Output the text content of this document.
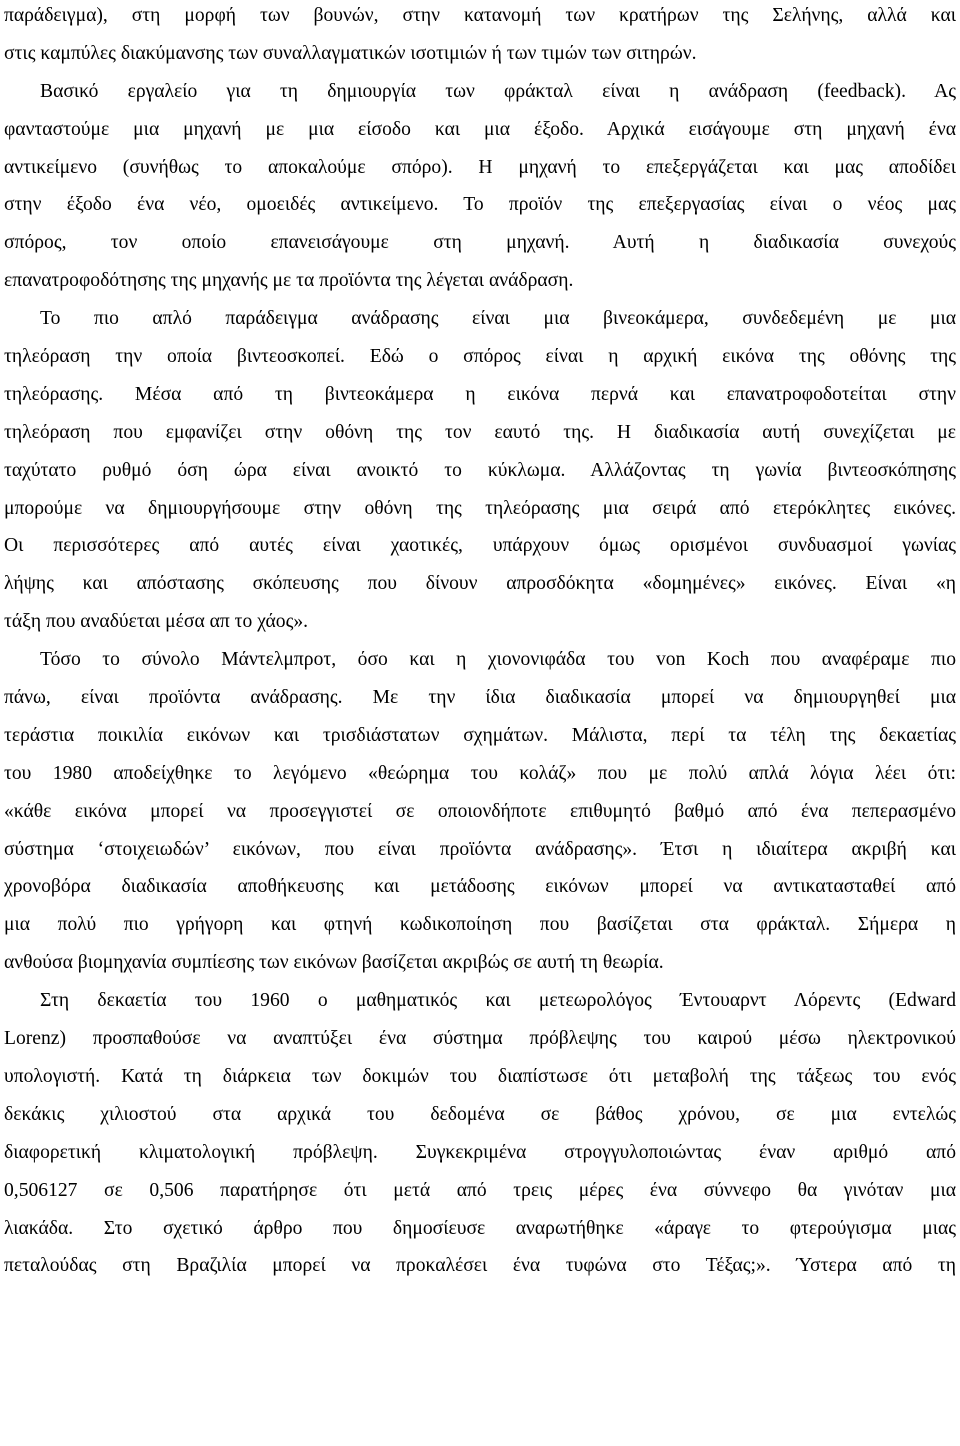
παράδειγμα), στη μορφή των βουνών, στην κατανομή των κρατήρων της Σελήνης, αλλά και
στις καμπύλες διακύμανσης των συναλλαγματικών ισοτιμιών ή των τιμών των σιτηρών.

Βασικό εργαλείο για τη δημιουργία των φράκταλ είναι η ανάδραση (feedback). Ας
φανταστούμε μια μηχανή με μια είσοδο και μια έξοδο. Αρχικά εισάγουμε στη μηχανή ένα
αντικείμενο (συνήθως το αποκαλούμε σπόρο). Η μηχανή το επεξεργάζεται και μας αποδίδει
στην έξοδο ένα νέο, ομοειδές αντικείμενο. Το προϊόν της επεξεργασίας είναι ο νέος μας
σπόρος, τον οποίο επανεισάγουμε στη μηχανή. Αυτή η διαδικασία συνεχούς
επανατροφοδότησης της μηχανής με τα προϊόντα της λέγεται ανάδραση.

Το πιο απλό παράδειγμα ανάδρασης είναι μια βινεοκάμερα, συνδεδεμένη με μια
τηλεόραση την οποία βιντεοσκοπεί. Εδώ ο σπόρος είναι η αρχική εικόνα της οθόνης της
τηλεόρασης. Μέσα από τη βιντεοκάμερα η εικόνα περνά και επανατροφοδοτείται στην
τηλεόραση που εμφανίζει στην οθόνη της τον εαυτό της. Η διαδικασία αυτή συνεχίζεται με
ταχύτατο ρυθμό όση ώρα είναι ανοικτό το κύκλωμα. Αλλάζοντας τη γωνία βιντεοσκόπησης
μπορούμε να δημιουργήσουμε στην οθόνη της τηλεόρασης μια σειρά από ετερόκλητες εικόνες.
Οι περισσότερες από αυτές είναι χαοτικές, υπάρχουν όμως ορισμένοι συνδυασμοί γωνίας
λήψης και απόστασης σκόπευσης που δίνουν απροσδόκητα «δομημένες» εικόνες. Είναι «η
τάξη που αναδύεται μέσα απ το χάος».

Τόσο το σύνολο Μάντελμπροτ, όσο και η χιονονιφάδα του von Koch που αναφέραμε πιο
πάνω, είναι προϊόντα ανάδρασης. Με την ίδια διαδικασία μπορεί να δημιουργηθεί μια
τεράστια ποικιλία εικόνων και τρισδιάστατων σχημάτων. Μάλιστα, περί τα τέλη της δεκαετίας
του 1980 αποδείχθηκε το λεγόμενο «θεώρημα του κολάζ» που με πολύ απλά λόγια λέει ότι:
«κάθε εικόνα μπορεί να προσεγγιστεί σε οποιονδήποτε επιθυμητό βαθμό από ένα πεπερασμένο
σύστημα ‘στοιχειωδών’ εικόνων, που είναι προϊόντα ανάδρασης». Έτσι η ιδιαίτερα ακριβή και
χρονοβόρα διαδικασία αποθήκευσης και μετάδοσης εικόνων μπορεί να αντικατασταθεί από
μια πολύ πιο γρήγορη και φτηνή κωδικοποίηση που βασίζεται στα φράκταλ. Σήμερα η
ανθούσα βιομηχανία συμπίεσης των εικόνων βασίζεται ακριβώς σε αυτή τη θεωρία.

Στη δεκαετία του 1960 ο μαθηματικός και μετεωρολόγος Έντουαρντ Λόρεντς (Edward
Lorenz) προσπαθούσε να αναπτύξει ένα σύστημα πρόβλεψης του καιρού μέσω ηλεκτρονικού
υπολογιστή. Κατά τη διάρκεια των δοκιμών του διαπίστωσε ότι μεταβολή της τάξεως του ενός
δεκάκις χιλιοστού στα αρχικά του δεδομένα σε βάθος χρόνου, σε μια εντελώς
διαφορετική κλιματολογική πρόβλεψη. Συγκεκριμένα στρογγυλοποιώντας έναν αριθμό από
0,506127 σε 0,506 παρατήρησε ότι μετά από τρεις μέρες ένα σύννεφο θα γινόταν μια
λιακάδα. Στο σχετικό άρθρο που δημοσίευσε αναρωτήθηκε «άραγε το φτερούγισμα μιας
πεταλούδας στη Βραζιλία μπορεί να προκαλέσει ένα τυφώνα στο Τέξας;». Ύστερα από τη
